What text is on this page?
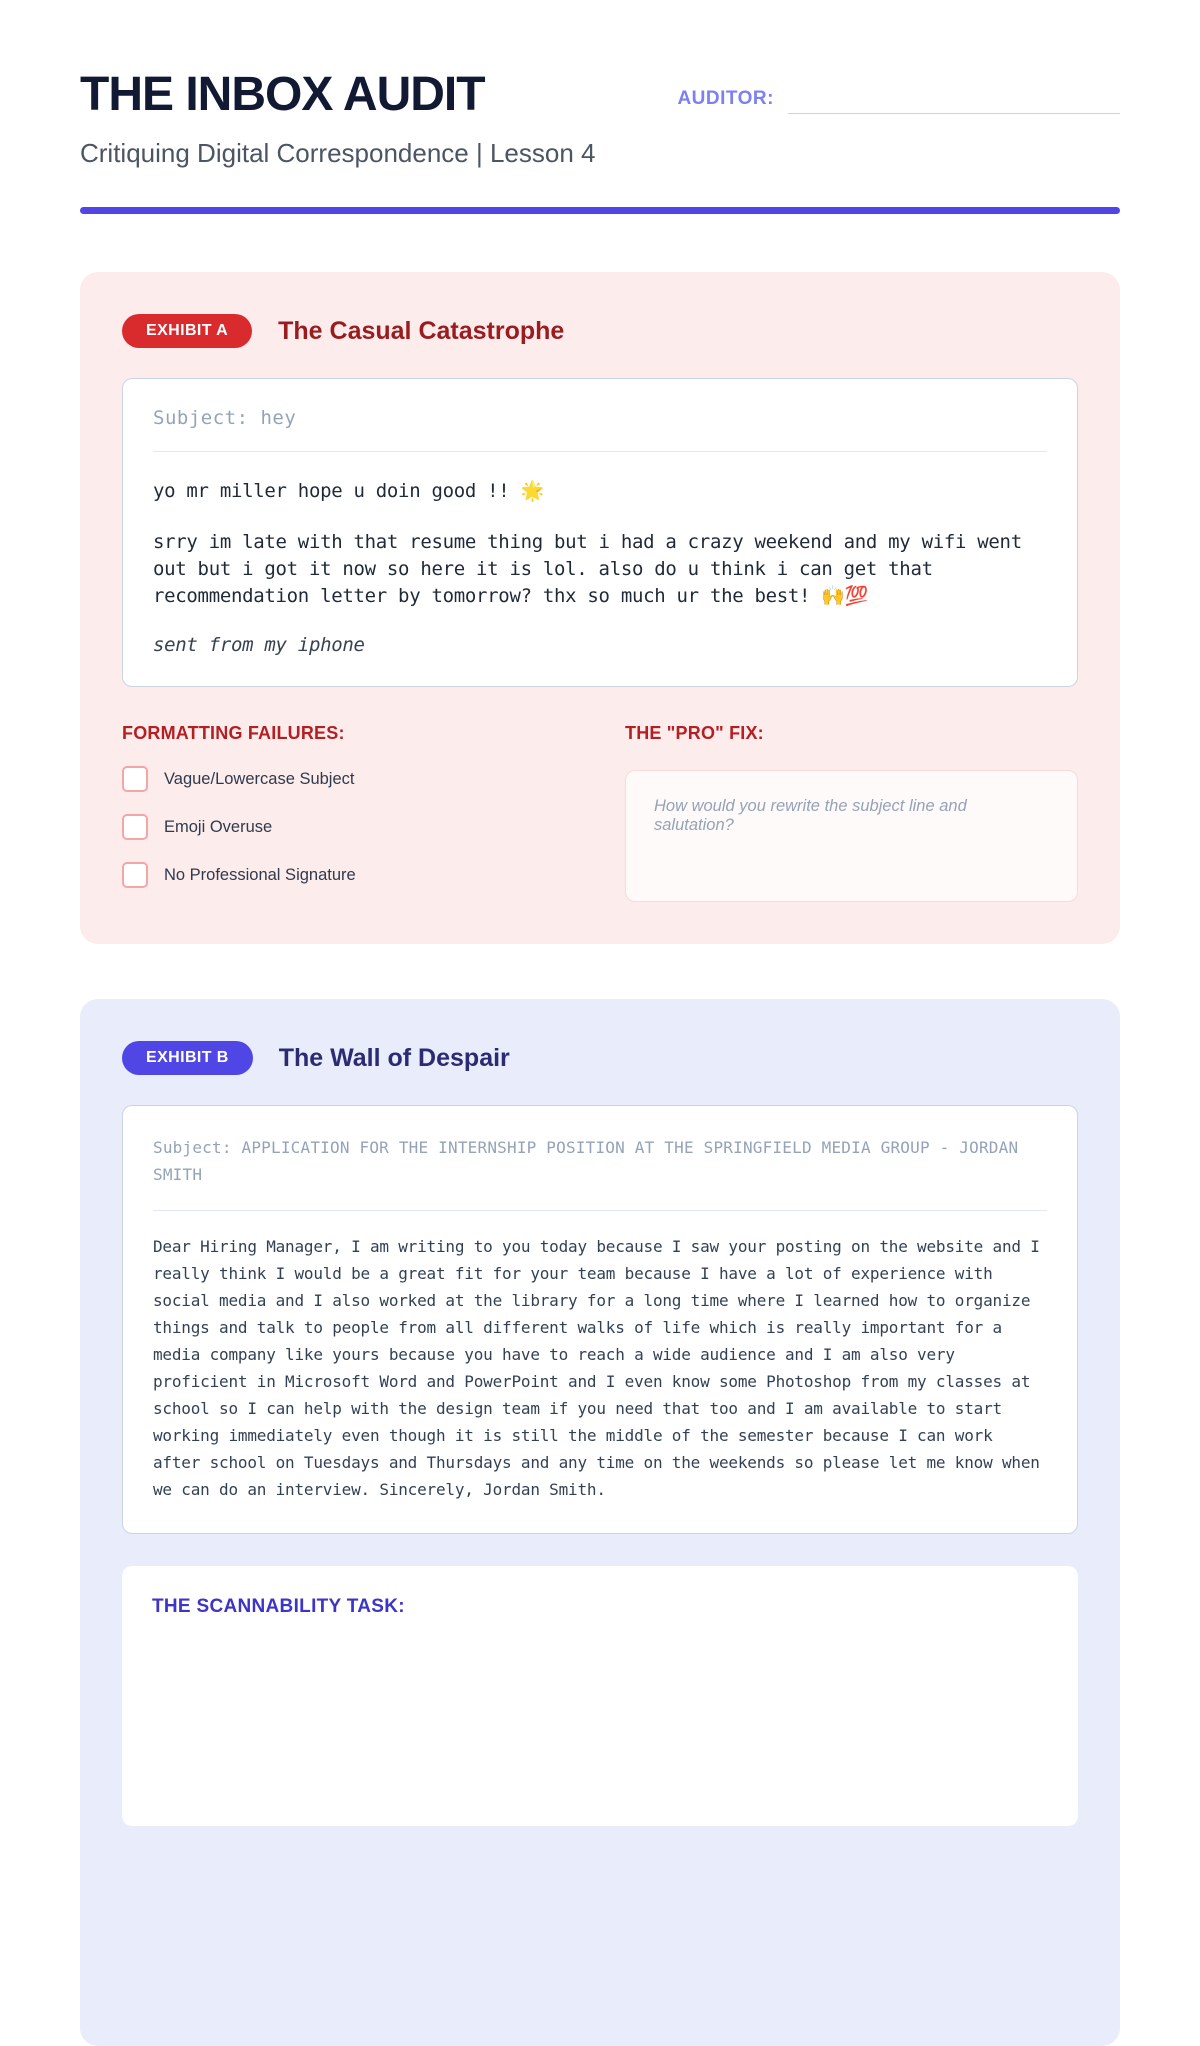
THE INBOX AUDIT
Critiquing Digital Correspondence | Lesson 4
AUDITOR:
EXHIBIT A	The Casual Catastrophe
Subject: hey

yo mr miller hope u doin good !! 🌟

srry im late with that resume thing but i had a crazy weekend and my wifi went out but i got it now so here it is lol. also do u think i can get that recommendation letter by tomorrow? thx so much ur the best! 🙌💯

sent from my iphone
FORMATTING FAILURES:
Vague/Lowercase Subject
Emoji Overuse
No Professional Signature
THE "PRO" FIX:
How would you rewrite the subject line and salutation?
EXHIBIT B	The Wall of Despair
Subject: APPLICATION FOR THE INTERNSHIP POSITION AT THE SPRINGFIELD MEDIA GROUP - JORDAN SMITH
Dear Hiring Manager, I am writing to you today because I saw your posting on the website and I really think I would be a great fit for your team because I have a lot of experience with social media and I also worked at the library for a long time where I learned how to organize things and talk to people from all different walks of life which is really important for a media company like yours because you have to reach a wide audience and I am also very proficient in Microsoft Word and PowerPoint and I even know some Photoshop from my classes at school so I can help with the design team if you need that too and I am available to start working immediately even though it is still the middle of the semester because I can work after school on Tuesdays and Thursdays and any time on the weekends so please let me know when we can do an interview. Sincerely, Jordan Smith.
THE SCANNABILITY TASK:
